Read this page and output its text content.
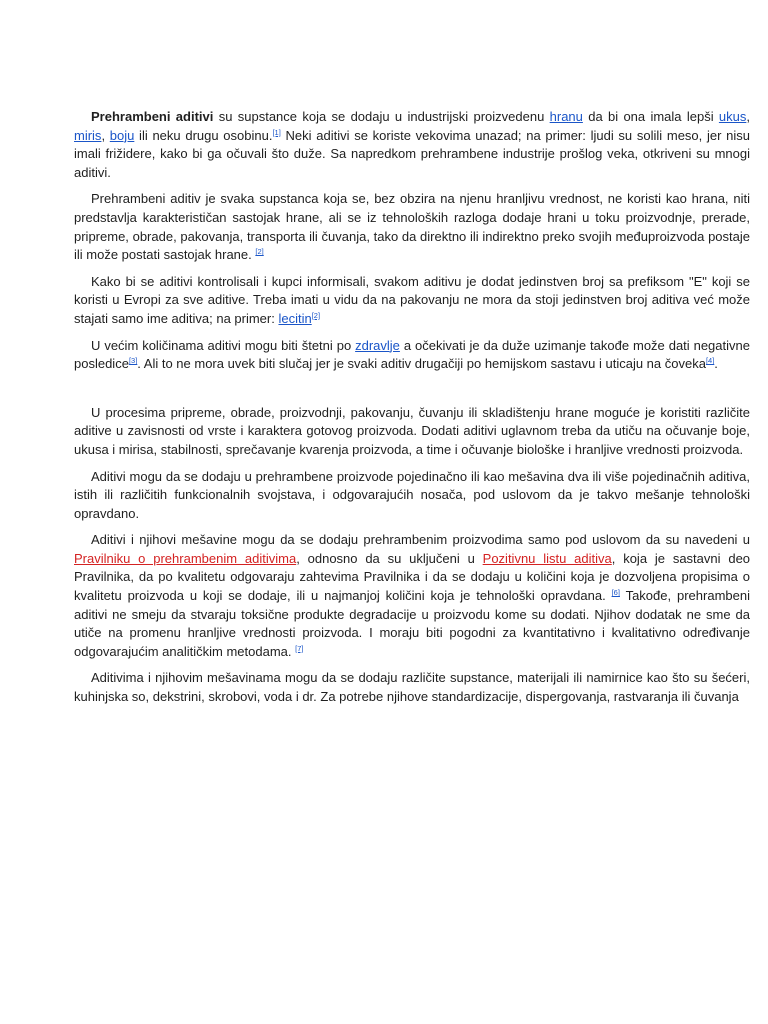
Prehrambeni aditivi su supstance koja se dodaju u industrijski proizvedenu hranu da bi ona imala lepši ukus, miris, boju ili neku drugu osobinu.[1] Neki aditivi se koriste vekovima unazad; na primer: ljudi su solili meso, jer nisu imali frižidere, kako bi ga očuvali što duže. Sa napredkom prehrambene industrije prošlog veka, otkriveni su mnogi aditivi.

Prehrambeni aditiv je svaka supstanca koja se, bez obzira na njenu hranljivu vrednost, ne koristi kao hrana, niti predstavlja karakterističan sastojak hrane, ali se iz tehnoloških razloga dodaje hrani u toku proizvodnje, prerade, pripreme, obrade, pakovanja, transporta ili čuvanja, tako da direktno ili indirektno preko svojih međuproizvoda postaje ili može postati sastojak hrane. [2]

Kako bi se aditivi kontrolisali i kupci informisali, svakom aditivu je dodat jedinstven broj sa prefiksom "E" koji se koristi u Evropi za sve aditive. Treba imati u vidu da na pakovanju ne mora da stoji jedinstven broj aditiva već može stajati samo ime aditiva; na primer: lecitin[2]

U većim količinama aditivi mogu biti štetni po zdravlje a očekivati je da duže uzimanje takođe može dati negativne posledice[3]. Ali to ne mora uvek biti slučaj jer je svaki aditiv drugačiji po hemijskom sastavu i uticaju na čoveka[4].

U procesima pripreme, obrade, proizvodnji, pakovanju, čuvanju ili skladištenju hrane moguće je koristiti različite aditive u zavisnosti od vrste i karaktera gotovog proizvoda. Dodati aditivi uglavnom treba da utiču na očuvanje boje, ukusa i mirisa, stabilnosti, sprečavanje kvarenja proizvoda, a time i očuvanje biološke i hranljive vrednosti proizvoda.

Aditivi mogu da se dodaju u prehrambene proizvode pojedinačno ili kao mešavina dva ili više pojedinačnih aditiva, istih ili različitih funkcionalnih svojstava, i odgovarajućih nosača, pod uslovom da je takvo mešanje tehnološki opravdano.

Aditivi i njihovi mešavine mogu da se dodaju prehrambenim proizvodima samo pod uslovom da su navedeni u Pravilniku o prehrambenim aditivima, odnosno da su uključeni u Pozitivnu listu aditiva, koja je sastavni deo Pravilnika, da po kvalitetu odgovaraju zahtevima Pravilnika i da se dodaju u količini koja je dozvoljena propisima o kvalitetu proizvoda u koji se dodaje, ili u najmanjoj količini koja je tehnološki opravdana. [6] Takođe, prehrambeni aditivi ne smeju da stvaraju toksične produkte degradacije u proizvodu kome su dodati. Njihov dodatak ne sme da utiče na promenu hranljive vrednosti proizvoda. I moraju biti pogodni za kvantitativno i kvalitativno određivanje odgovarajućim analitičkim metodama. [7]

Aditivima i njihovim mešavinama mogu da se dodaju različite supstance, materijali ili namirnice kao što su šećeri, kuhinjska so, dekstrini, skrobovi, voda i dr. Za potrebe njihove standardizacije, dispergovanja, rastvaranja ili čuvanja
